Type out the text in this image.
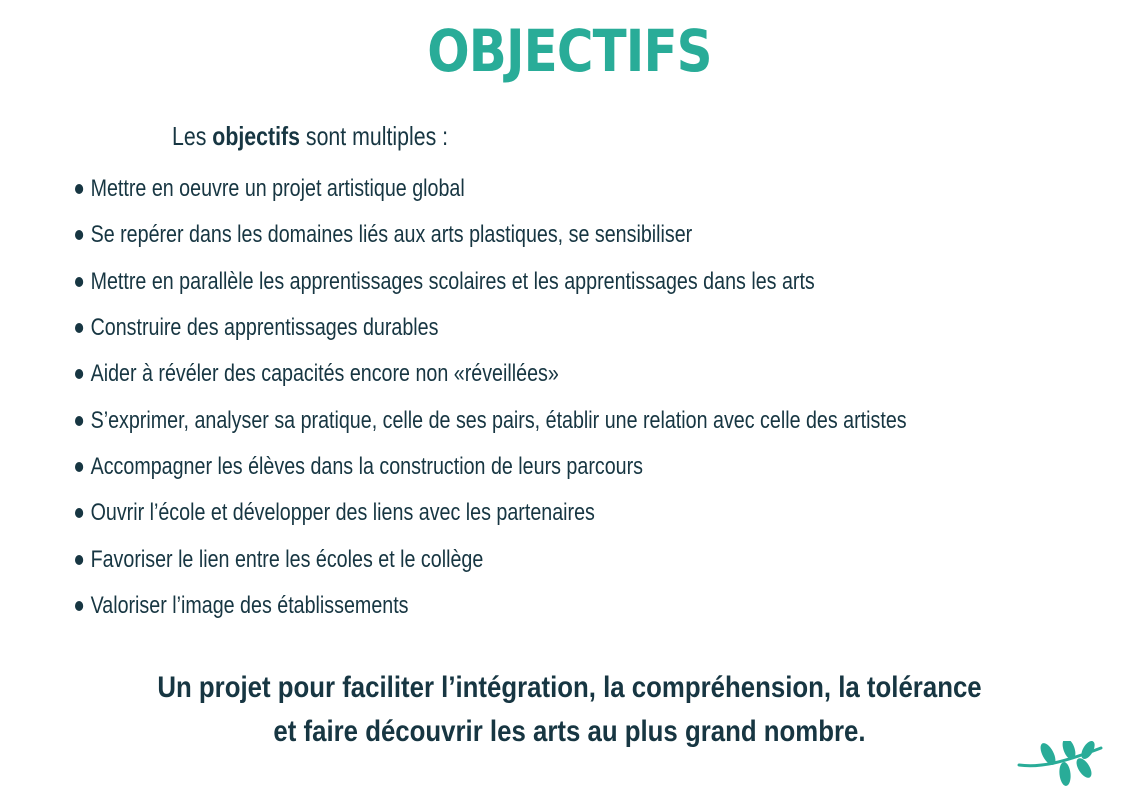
OBJECTIFS
Les objectifs sont multiples :
Mettre en oeuvre un projet artistique global
Se repérer dans les domaines liés aux arts plastiques, se sensibiliser
Mettre en parallèle les apprentissages scolaires et les apprentissages dans les arts
Construire des apprentissages durables
Aider à révéler des capacités encore non «réveillées»
S’exprimer, analyser sa pratique, celle de ses pairs, établir une relation avec celle des artistes
Accompagner les élèves dans la construction de leurs parcours
Ouvrir l’école et développer des liens avec les partenaires
Favoriser le lien entre les écoles et le collège
Valoriser l’image des établissements
Un projet pour faciliter l’intégration, la compréhension, la tolérance
et faire découvrir les arts au plus grand nombre.
